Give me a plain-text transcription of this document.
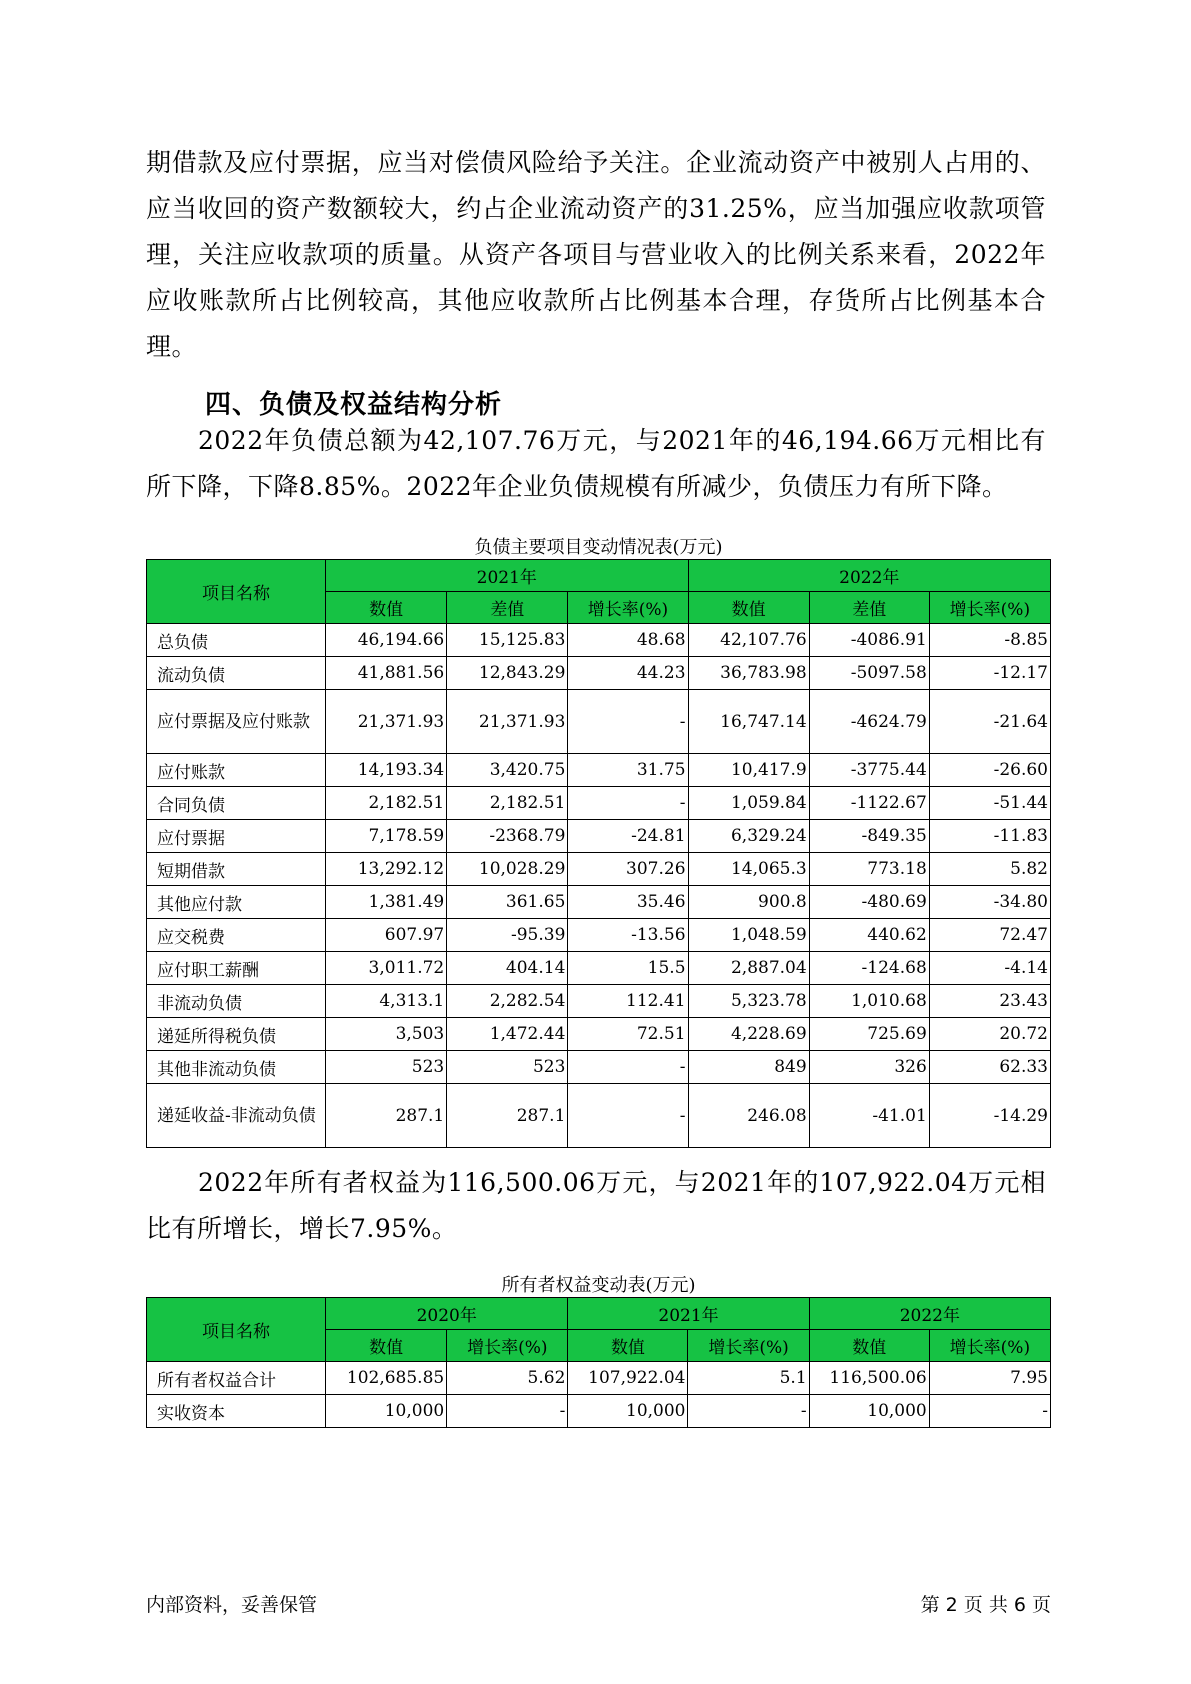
期借款及应付票据，应当对偿债风险给予关注。企业流动资产中被别人占用的、应当收回的资产数额较大，约占企业流动资产的31.25%，应当加强应收款项管理，关注应收款项的质量。从资产各项目与营业收入的比例关系来看，2022年应收账款所占比例较高，其他应收款所占比例基本合理，存货所占比例基本合理。

四、负债及权益结构分析

2022年负债总额为42,107.76万元，与2021年的46,194.66万元相比有所下降，下降8.85%。2022年企业负债规模有所减少，负债压力有所下降。

负债主要项目变动情况表(万元)

项目名称	2021年			2022年		
	数值	差值	增长率(%)	数值	差值	增长率(%)
总负债	46,194.66	15,125.83	48.68	42,107.76	-4086.91	-8.85
流动负债	41,881.56	12,843.29	44.23	36,783.98	-5097.58	-12.17
应付票据及应付账款	21,371.93	21,371.93	-	16,747.14	-4624.79	-21.64
应付账款	14,193.34	3,420.75	31.75	10,417.9	-3775.44	-26.60
合同负债	2,182.51	2,182.51	-	1,059.84	-1122.67	-51.44
应付票据	7,178.59	-2368.79	-24.81	6,329.24	-849.35	-11.83
短期借款	13,292.12	10,028.29	307.26	14,065.3	773.18	5.82
其他应付款	1,381.49	361.65	35.46	900.8	-480.69	-34.80
应交税费	607.97	-95.39	-13.56	1,048.59	440.62	72.47
应付职工薪酬	3,011.72	404.14	15.5	2,887.04	-124.68	-4.14
非流动负债	4,313.1	2,282.54	112.41	5,323.78	1,010.68	23.43
递延所得税负债	3,503	1,472.44	72.51	4,228.69	725.69	20.72
其他非流动负债	523	523	-	849	326	62.33
递延收益-非流动负债	287.1	287.1	-	246.08	-41.01	-14.29

2022年所有者权益为116,500.06万元，与2021年的107,922.04万元相比有所增长，增长7.95%。

所有者权益变动表(万元)

项目名称	2020年		2021年		2022年	
	数值	增长率(%)	数值	增长率(%)	数值	增长率(%)
所有者权益合计	102,685.85	5.62	107,922.04	5.1	116,500.06	7.95
实收资本	10,000	-	10,000	-	10,000	-

内部资料，妥善保管	第 2 页 共 6 页
